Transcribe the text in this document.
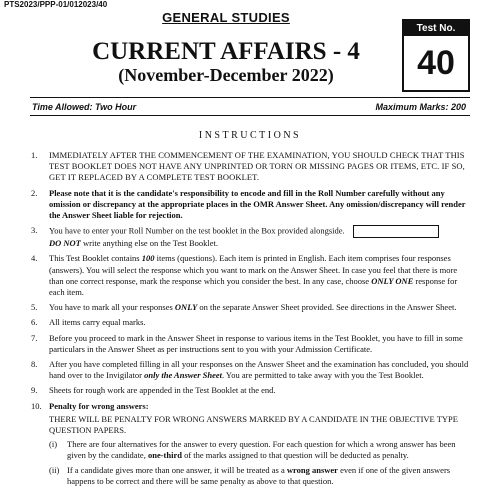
PTS2023/PPP-01/012023/40
GENERAL STUDIES
CURRENT AFFAIRS - 4
(November-December 2022)
Test No.
40
Time Allowed: Two Hour	Maximum Marks: 200
INSTRUCTIONS
1.	IMMEDIATELY AFTER THE COMMENCEMENT OF THE EXAMINATION, YOU SHOULD CHECK THAT THIS TEST BOOKLET DOES NOT HAVE ANY UNPRINTED OR TORN OR MISSING PAGES OR ITEMS, ETC. IF SO, GET IT REPLACED BY A COMPLETE TEST BOOKLET.
2.	Please note that it is the candidate's responsibility to encode and fill in the Roll Number carefully without any omission or discrepancy at the appropriate places in the OMR Answer Sheet. Any omission/discrepancy will render the Answer Sheet liable for rejection.
3.	You have to enter your Roll Number on the test booklet in the Box provided alongside.
DO NOT write anything else on the Test Booklet.
4.	This Test Booklet contains 100 items (questions). Each item is printed in English. Each item comprises four responses (answers). You will select the response which you want to mark on the Answer Sheet. In case you feel that there is more than one correct response, mark the response which you consider the best. In any case, choose ONLY ONE response for each item.
5.	You have to mark all your responses ONLY on the separate Answer Sheet provided. See directions in the Answer Sheet.
6.	All items carry equal marks.
7.	Before you proceed to mark in the Answer Sheet in response to various items in the Test Booklet, you have to fill in some particulars in the Answer Sheet as per instructions sent to you with your Admission Certificate.
8.	After you have completed filling in all your responses on the Answer Sheet and the examination has concluded, you should hand over to the Invigilator only the Answer Sheet. You are permitted to take away with you the Test Booklet.
9.	Sheets for rough work are appended in the Test Booklet at the end.
10. Penalty for wrong answers:
THERE WILL BE PENALTY FOR WRONG ANSWERS MARKED BY A CANDIDATE IN THE OBJECTIVE TYPE QUESTION PAPERS.
(i)	There are four alternatives for the answer to every question. For each question for which a wrong answer has been given by the candidate, one-third of the marks assigned to that question will be deducted as penalty.
(ii) If a candidate gives more than one answer, it will be treated as a wrong answer even if one of the given answers happens to be correct and there will be same penalty as above to that question.
